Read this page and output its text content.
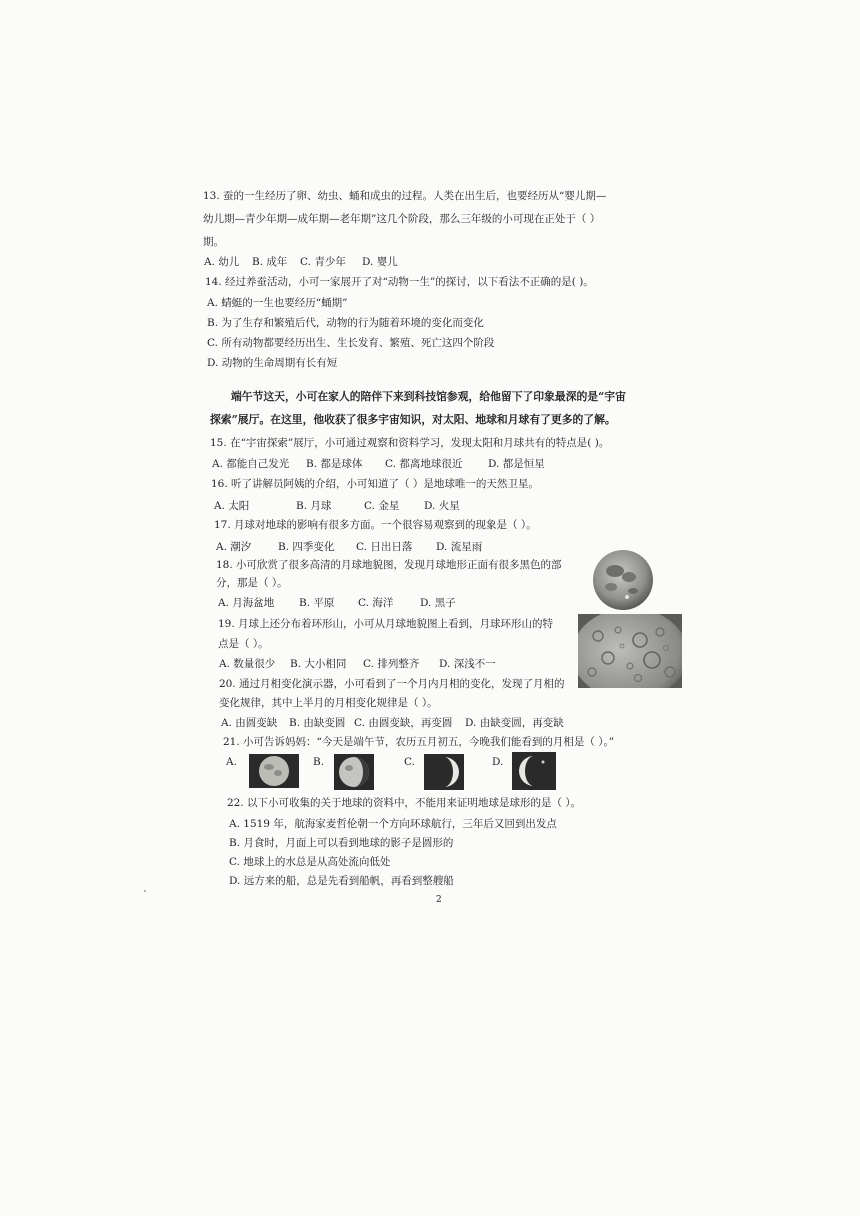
13. 蚕的一生经历了卵、幼虫、蛹和成虫的过程。人类在出生后，也要经历从“婴儿期—
幼儿期—青少年期—成年期—老年期”这几个阶段，那么三年级的小可现在正处于（ ）
期。
A. 幼儿 B. 成年 C. 青少年 D. 婴儿
14. 经过养蚕活动，小可一家展开了对“动物一生”的探讨，以下看法不正确的是( )。
A. 蜻蜓的一生也要经历“蛹期”
B. 为了生存和繁殖后代，动物的行为随着环境的变化而变化
C. 所有动物都要经历出生、生长发育、繁殖、死亡这四个阶段
D. 动物的生命周期有长有短
端午节这天，小可在家人的陪伴下来到科技馆参观，给他留下了印象最深的是“宇宙
探索”展厅。在这里，他收获了很多宇宙知识，对太阳、地球和月球有了更多的了解。
15. 在“宇宙探索”展厅，小可通过观察和资料学习，发现太阳和月球共有的特点是( )。
A. 都能自己发光 B. 都是球体 C. 都离地球很近 D. 都是恒星
16. 听了讲解员阿姨的介绍，小可知道了（ ）是地球唯一的天然卫星。
A. 太阳	B. 月球	C. 金星 D. 火星
17. 月球对地球的影响有很多方面。一个很容易观察到的现象是（ ）。
A. 潮汐	B. 四季变化 C. 日出日落 D. 流星雨
18. 小可欣赏了很多高清的月球地貌图，发现月球地形正面有很多黑色的部
分，那是（ ）。
A. 月海盆地 B. 平原 C. 海洋	D. 黑子
19. 月球上还分布着环形山，小可从月球地貌图上看到，月球环形山的特
点是（ ）。
A. 数量很少 B. 大小相同 C. 排列整齐 D. 深浅不一
20. 通过月相变化演示器，小可看到了一个月内月相的变化，发现了月相的
变化规律，其中上半月的月相变化规律是（ ）。
A. 由圆变缺 B. 由缺变圆 C. 由圆变缺，再变圆 D. 由缺变圆，再变缺
21. 小可告诉妈妈：“今天是端午节，农历五月初五，今晚我们能看到的月相是（ ）。”
A.	B.	C.	D.
22. 以下小可收集的关于地球的资料中，不能用来证明地球是球形的是（ ）。
A. 1519 年，航海家麦哲伦朝一个方向环球航行，三年后又回到出发点
B. 月食时，月面上可以看到地球的影子是圆形的
C. 地球上的水总是从高处流向低处
D. 远方来的船，总是先看到船帆，再看到整艘船
2
